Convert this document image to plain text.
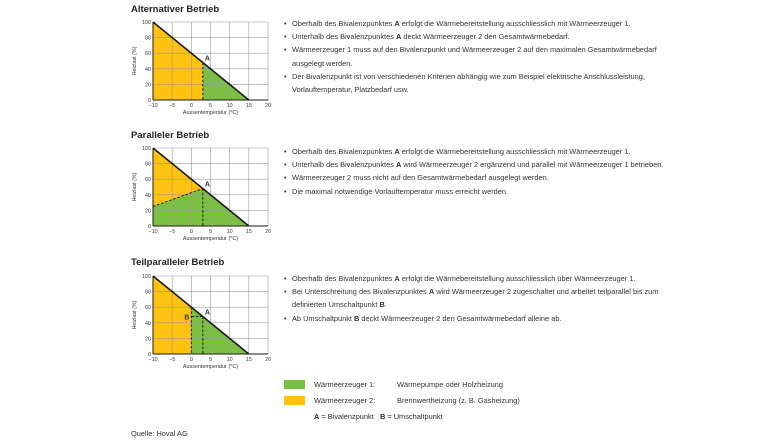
Alternativer Betrieb
A
−10 −5	0	5	10 15 20
100
80
60
40
20
0
Aussentemperatur (°C)
Heizlast (%)
• Oberhalb des Bivalenzpunktes A erfolgt die Wärmebereitstellung ausschliesslich mit Wärmeerzeuger 1.
• Unterhalb des Bivalenzpunktes A deckt Wärmeerzeuger 2 den Gesamtwärmebedarf.
• Wärmeerzeuger 1 muss auf den Bivalenzpunkt und Wärmeerzeuger 2 auf den maximalen Gesamtwärmebedarf ausgelegt werden.
• Der Bivalenzpunkt ist von verschiedenen Kriterien abhängig wie zum Beispiel elektrische Anschlussleistung, Vorlauftemperatur, Platzbedarf usw.
Paralleler Betrieb
A
−10 −5	0	5	10 15 20
100
80
60
40
20
0
Aussentemperatur (°C)
Heizlast (%)
• Oberhalb des Bivalenzpunktes A erfolgt die Wärmebereitstellung ausschliesslich mit Wärmeerzeuger 1.
• Unterhalb des Bivalenzpunktes A wird Wärmeerzeuger 2 ergänzend und parallel mit Wärmeerzeuger 1 betrieben.
• Wärmeerzeuger 2 muss nicht auf den Gesamtwärmebedarf ausgelegt werden.
• Die maximal notwendige Vorlauftemperatur muss erreicht werden.
Teilparalleler Betrieb
A
B
−10 −5	0	5	10 15 20
100
80
60
40
20
0
Aussentemperatur (°C)
Heizlast (%)
• Oberhalb des Bivalenzpunktes A erfolgt die Wärmebereitstellung ausschliesslich über Wärmeerzeuger 1.
• Bei Unterschreitung des Bivalenzpunktes A wird Wärmeerzeuger 2 zugeschaltet und arbeitet teilparallel bis zum definierten Umschaltpunkt B.
• Ab Umschaltpunkt B deckt Wärmeerzeuger 2 den Gesamtwärmebedarf alleine ab.
Wärmeerzeuger 1:	Wärmepumpe oder Holzheizung
Wärmeerzeuger 2:	Brennwertheizung (z. B. Gasheizung)
A = Bivalenzpunkt B = Umschaltpunkt
Quelle: Hoval AG
